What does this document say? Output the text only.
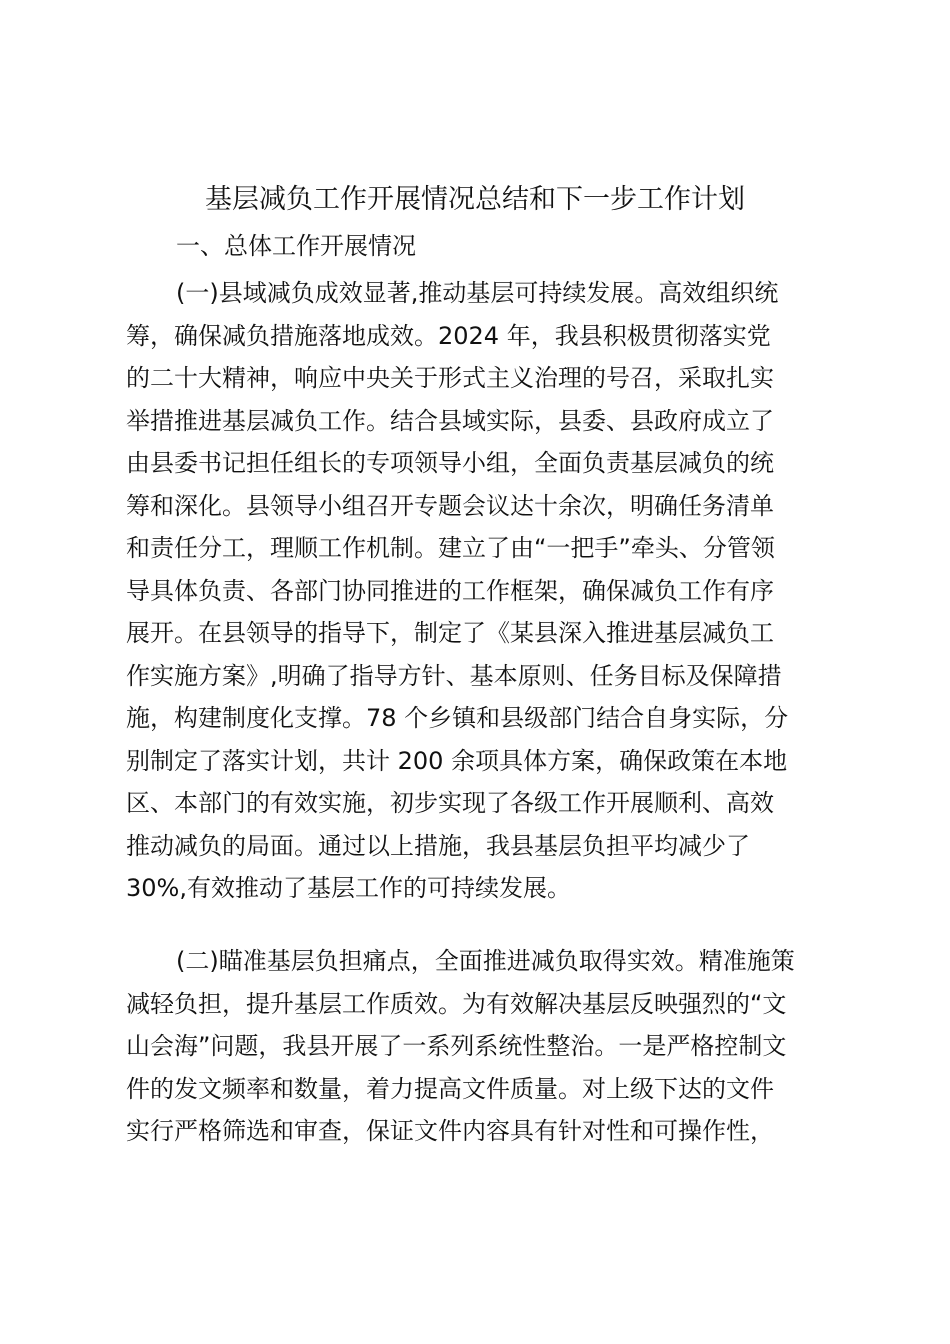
基层减负工作开展情况总结和下一步工作计划
一、总体工作开展情况
(一)县域减负成效显著,推动基层可持续发展。高效组织统
筹，确保减负措施落地成效。2024 年，我县积极贯彻落实党
的二十大精神，响应中央关于形式主义治理的号召，采取扎实
举措推进基层减负工作。结合县域实际，县委、县政府成立了
由县委书记担任组长的专项领导小组，全面负责基层减负的统
筹和深化。县领导小组召开专题会议达十余次，明确任务清单
和责任分工，理顺工作机制。建立了由“一把手”牵头、分管领
导具体负责、各部门协同推进的工作框架，确保减负工作有序
展开。在县领导的指导下，制定了《某县深入推进基层减负工
作实施方案》,明确了指导方针、基本原则、任务目标及保障措
施，构建制度化支撑。78 个乡镇和县级部门结合自身实际，分
别制定了落实计划，共计 200 余项具体方案，确保政策在本地
区、本部门的有效实施，初步实现了各级工作开展顺利、高效
推动减负的局面。通过以上措施，我县基层负担平均减少了
30%,有效推动了基层工作的可持续发展。
(二)瞄准基层负担痛点，全面推进减负取得实效。精准施策
减轻负担，提升基层工作质效。为有效解决基层反映强烈的“文
山会海”问题，我县开展了一系列系统性整治。一是严格控制文
件的发文频率和数量，着力提高文件质量。对上级下达的文件
实行严格筛选和审查，保证文件内容具有针对性和可操作性，
